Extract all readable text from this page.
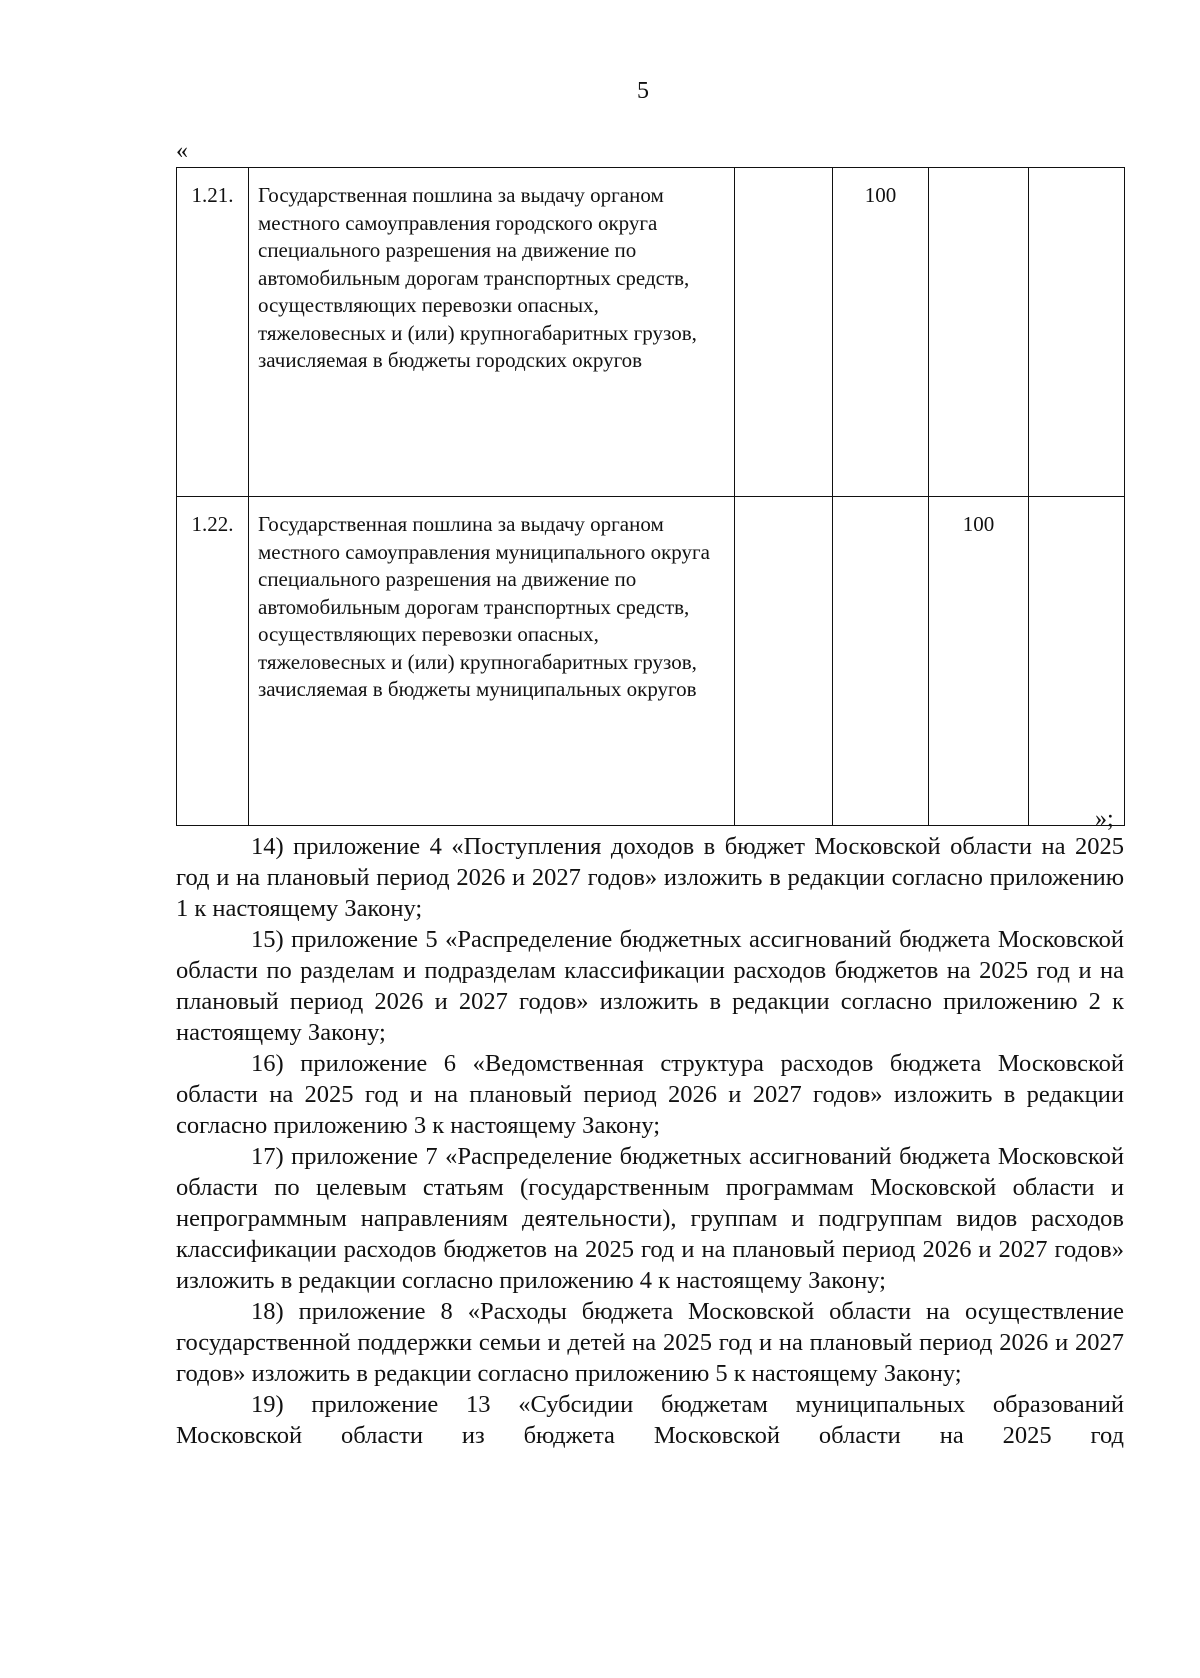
5
«
1.21.	Государственная пошлина за выдачу органом местного самоуправления городского округа специального разрешения на движение по автомобильным дорогам транспортных средств, осуществляющих перевозки опасных, тяжеловесных и (или) крупногабаритных грузов, зачисляемая в бюджеты городских округов		100		
1.22.	Государственная пошлина за выдачу органом местного самоуправления муниципального округа специального разрешения на движение по автомобильным дорогам транспортных средств, осуществляющих перевозки опасных, тяжеловесных и (или) крупногабаритных грузов, зачисляемая в бюджеты муниципальных округов			100	
»;

14) приложение 4 «Поступления доходов в бюджет Московской области на 2025 год и на плановый период 2026 и 2027 годов» изложить в редакции согласно приложению 1 к настоящему Закону;

15) приложение 5 «Распределение бюджетных ассигнований бюджета Московской области по разделам и подразделам классификации расходов бюджетов на 2025 год и на плановый период 2026 и 2027 годов» изложить в редакции согласно приложению 2 к настоящему Закону;

16) приложение 6 «Ведомственная структура расходов бюджета Московской области на 2025 год и на плановый период 2026 и 2027 годов» изложить в редакции согласно приложению 3 к настоящему Закону;

17) приложение 7 «Распределение бюджетных ассигнований бюджета Московской области по целевым статьям (государственным программам Московской области и непрограммным направлениям деятельности), группам и подгруппам видов расходов классификации расходов бюджетов на 2025 год и на плановый период 2026 и 2027 годов» изложить в редакции согласно приложению 4 к настоящему Закону;

18) приложение 8 «Расходы бюджета Московской области на осуществление государственной поддержки семьи и детей на 2025 год и на плановый период 2026 и 2027 годов» изложить в редакции согласно приложению 5 к настоящему Закону;

19) приложение 13 «Субсидии бюджетам муниципальных образований Московской области из бюджета Московской области на 2025 год
